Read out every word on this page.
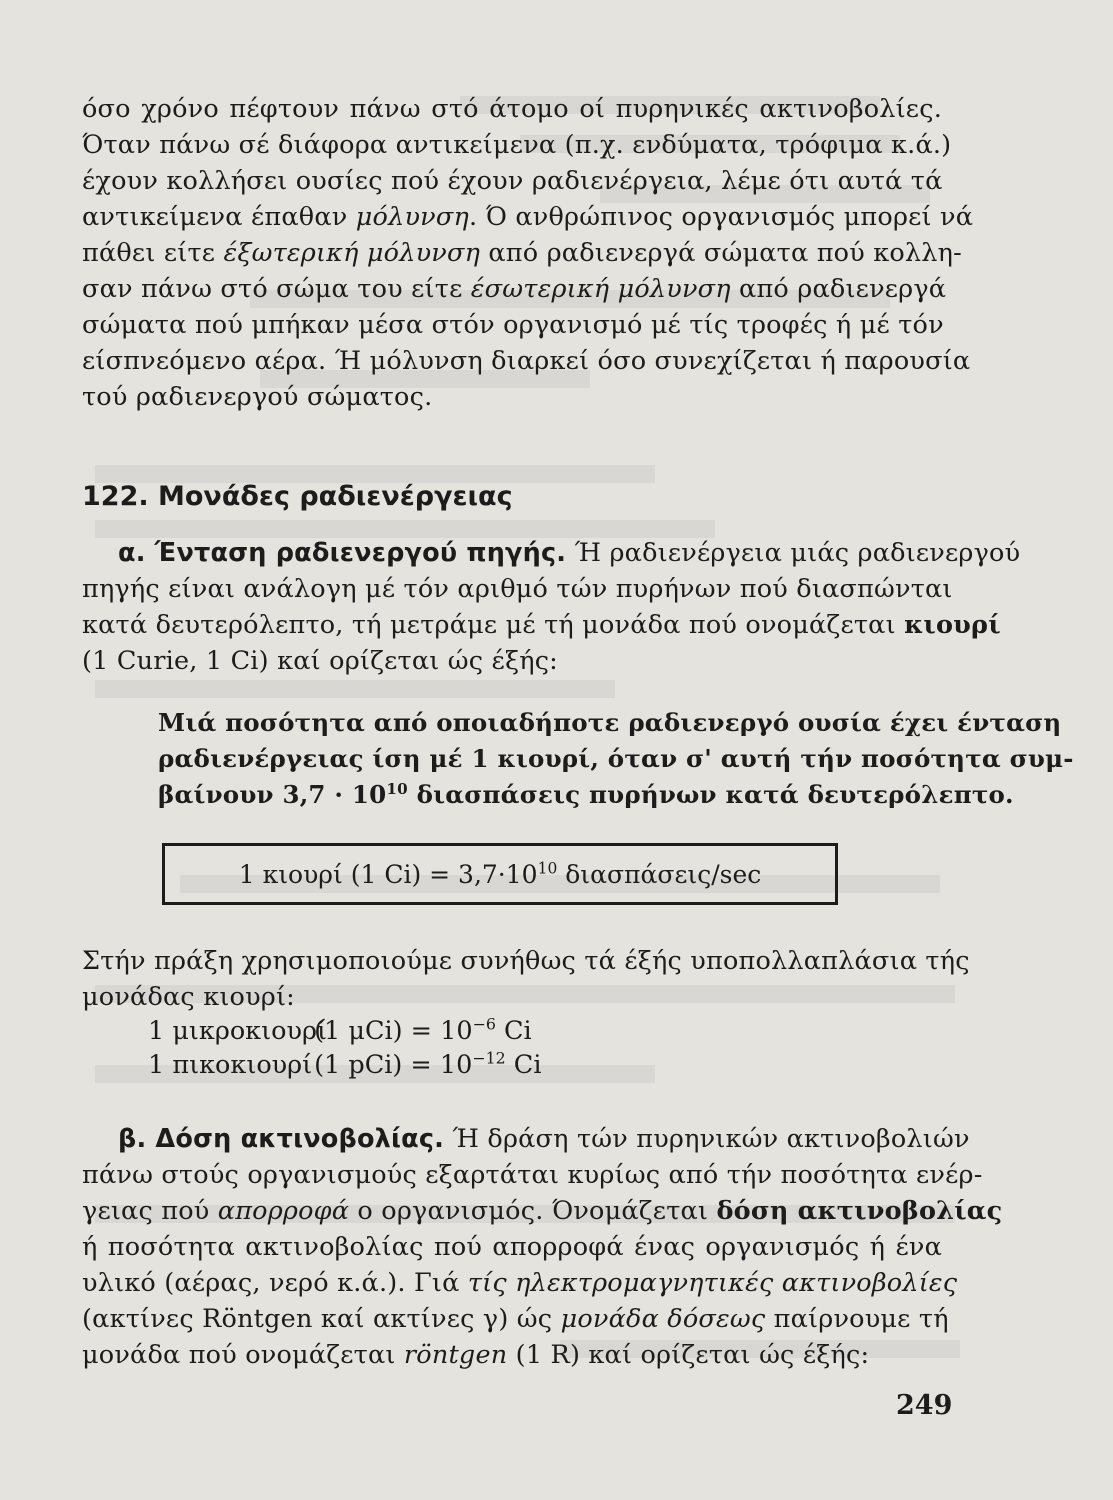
όσο χρόνο πέφτουν πάνω στό άτομο οί πυρηνικές ακτινοβολίες.
Όταν πάνω σέ διάφορα αντικείμενα (π.χ. ενδύματα, τρόφιμα κ.ά.)
έχουν κολλήσει ουσίες πού έχουν ραδιενέργεια, λέμε ότι αυτά τά
αντικείμενα έπαθαν μόλυνση. Ό ανθρώπινος οργανισμός μπορεί νά
πάθει είτε έξωτερική μόλυνση από ραδιενεργά σώματα πού κολλη-
σαν πάνω στό σώμα του είτε έσωτερική μόλυνση από ραδιενεργά
σώματα πού μπήκαν μέσα στόν οργανισμό μέ τίς τροφές ή μέ τόν
είσπνεόμενο αέρα. Ή μόλυνση διαρκεί όσο συνεχίζεται ή παρουσία
τού ραδιενεργού σώματος.
122. Μονάδες ραδιενέργειας
α. Ένταση ραδιενεργού πηγής. Ή ραδιενέργεια μιάς ραδιενεργού
πηγής είναι ανάλογη μέ τόν αριθμό τών πυρήνων πού διασπώνται
κατά δευτερόλεπτο, τή μετράμε μέ τή μονάδα πού ονομάζεται κιουρί
(1 Curie, 1 Ci) καί ορίζεται ώς έξής:
Μιά ποσότητα από οποιαδήποτε ραδιενεργό ουσία έχει ένταση
ραδιενέργειας ίση μέ 1 κιουρί, όταν σ' αυτή τήν ποσότητα συμ-
βαίνουν $3,7 \cdot 10^{10}$ διασπάσεις πυρήνων κατά δευτερόλεπτο.
1 κιουρί (1 $Ci) = 3,7\cdot 10^{10}$ διασπάσεις/sec
Στήν πράξη χρησιμοποιούμε συνήθως τά έξής υποπολλαπλάσια τής
μονάδας κιουρί:
1 μικροκιουρί (1 $\mu Ci) = 10^{-6}$ Ci
1 πικοκιουρί (1 $pCi) = 10^{-12}$ Ci
β. Δόση ακτινοβολίας. Ή δράση τών πυρηνικών ακτινοβολιών
πάνω στούς οργανισμούς εξαρτάται κυρίως από τήν ποσότητα ενέρ-
γειας πού απορροφά ο οργανισμός. Όνομάζεται δόση ακτινοβολίας
ή ποσότητα ακτινοβολίας πού απορροφά ένας οργανισμός ή ένα
υλικό (αέρας, νερό κ.ά.). Γιά τίς ηλεκτρομαγνητικές ακτινοβολίες
(ακτίνες Röntgen καί ακτίνες γ) ώς μονάδα δόσεως παίρνουμε τή
μονάδα πού ονομάζεται röntgen (1 R) καί ορίζεται ώς έξής:
249
